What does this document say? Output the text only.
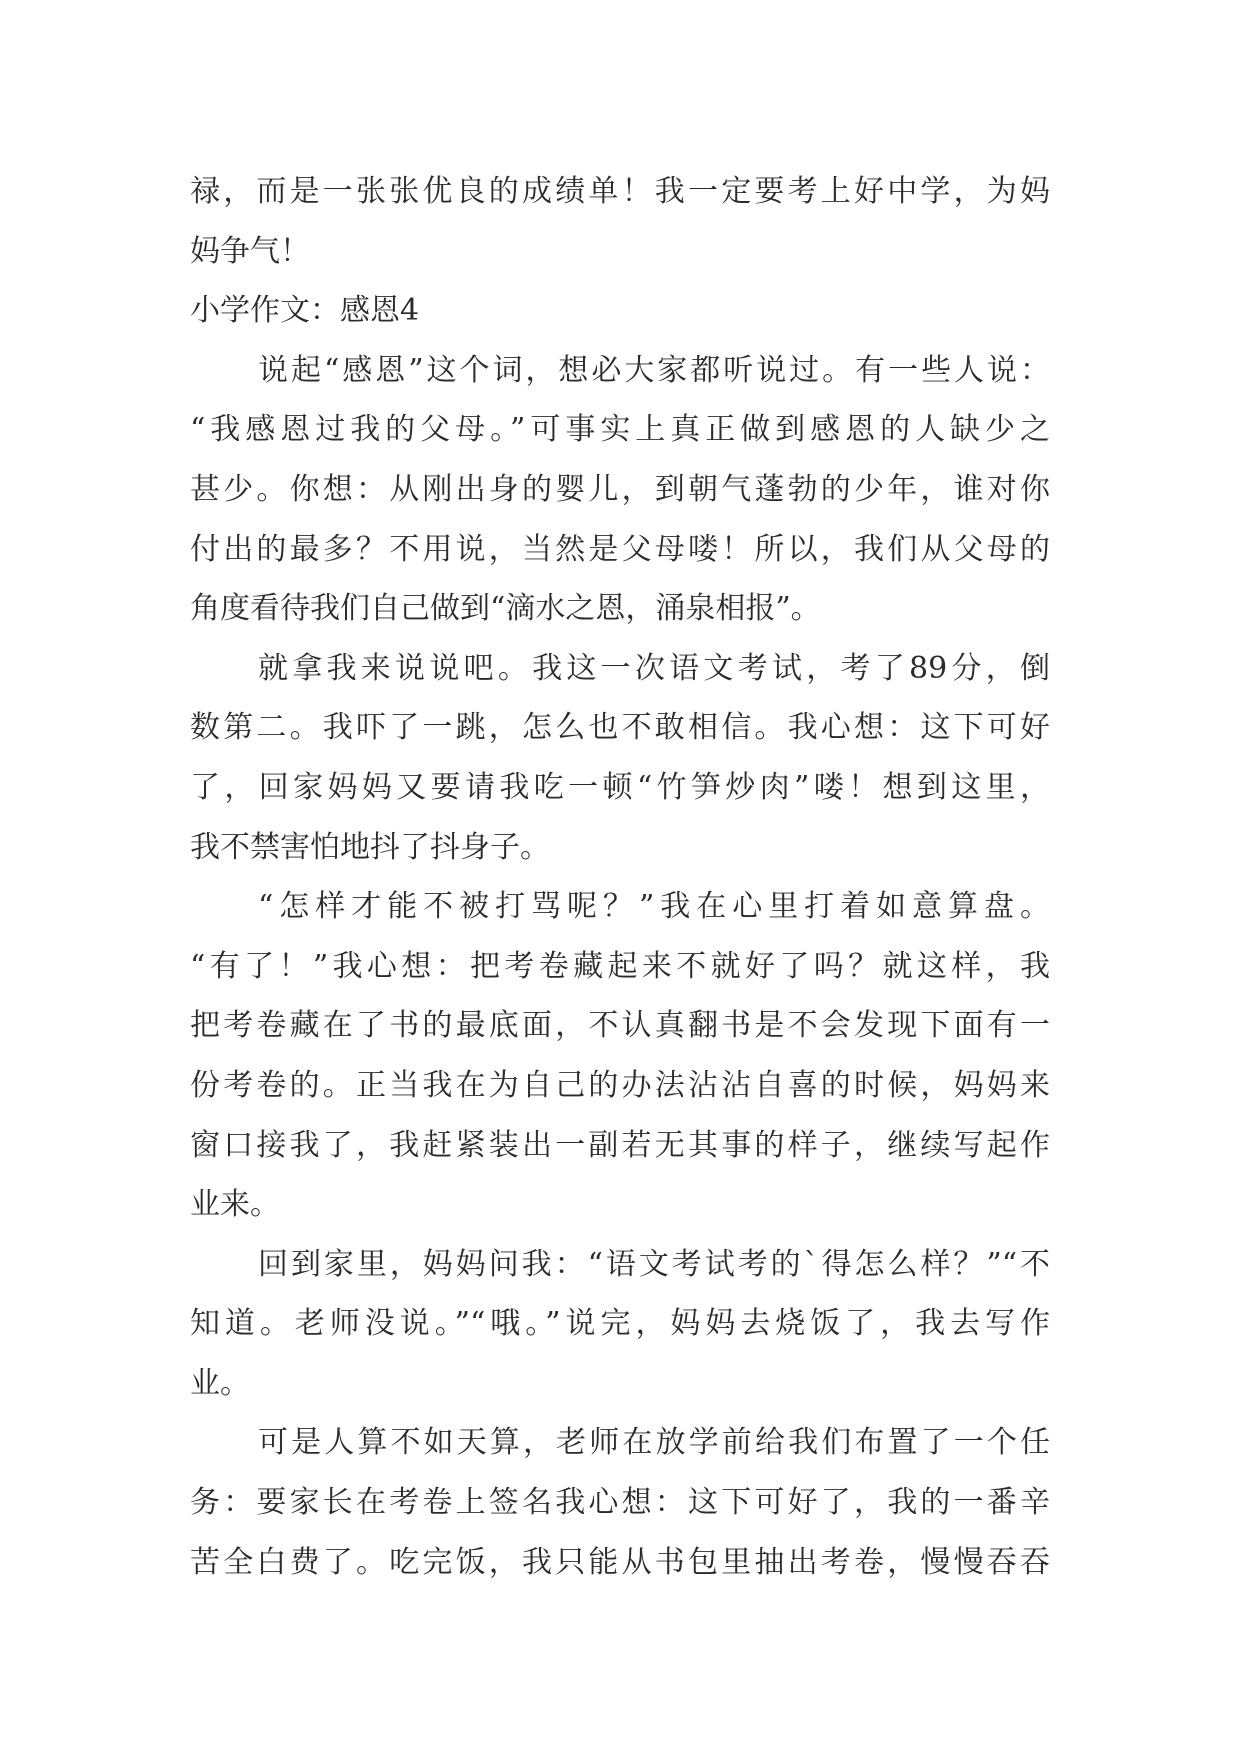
禄，而是一张张优良的成绩单！我一定要考上好中学，为妈
妈争气！
小学作文：感恩4
说起“感恩”这个词，想必大家都听说过。有一些人说：
“我感恩过我的父母。”可事实上真正做到感恩的人缺少之
甚少。你想：从刚出身的婴儿，到朝气蓬勃的少年，谁对你
付出的最多？不用说，当然是父母喽！所以，我们从父母的
角度看待我们自己做到“滴水之恩，涌泉相报”。
就拿我来说说吧。我这一次语文考试，考了89分，倒
数第二。我吓了一跳，怎么也不敢相信。我心想：这下可好
了，回家妈妈又要请我吃一顿“竹笋炒肉”喽！想到这里，
我不禁害怕地抖了抖身子。
“怎样才能不被打骂呢？”我在心里打着如意算盘。
“有了！”我心想：把考卷藏起来不就好了吗？就这样，我
把考卷藏在了书的最底面，不认真翻书是不会发现下面有一
份考卷的。正当我在为自己的办法沾沾自喜的时候，妈妈来
窗口接我了，我赶紧装出一副若无其事的样子，继续写起作
业来。
回到家里，妈妈问我：“语文考试考的`得怎么样？”“不
知道。老师没说。”“哦。”说完，妈妈去烧饭了，我去写作
业。
可是人算不如天算，老师在放学前给我们布置了一个任
务：要家长在考卷上签名我心想：这下可好了，我的一番辛
苦全白费了。吃完饭，我只能从书包里抽出考卷，慢慢吞吞
